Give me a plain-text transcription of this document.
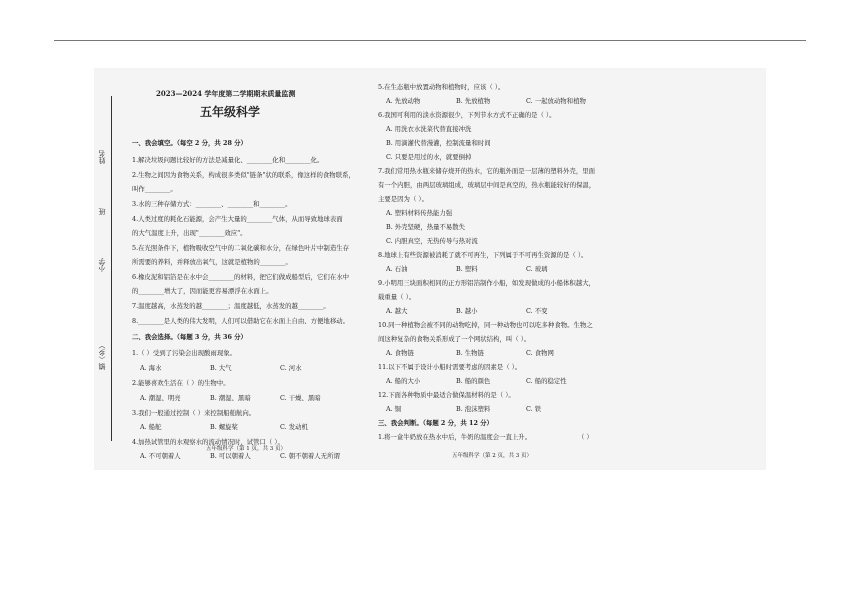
姓名
班
小学
镇（乡）
2023—2024 学年度第二学期期末质量监测
五年级科学
一、我会填空。（每空 2 分，共 28 分）
1.解决垃圾问题比较好的方法是减量化、________化和________化。
2.生物之间因为食物关系，构成很多类似"链条"状的联系，像这样的食物联系，
叫作________。
3.水的三种存储方式：________、________和________。
4.人类过度的耗化石能源，会产生大量的________气体，从而导致地球表面
的大气温度上升，出现"________效应"。
5.在光照条件下，植物吸收空气中的二氧化碳和水分，在绿色叶片中制造生存
所需要的养料，并释放出氧气，这就是植物的________。
6.橡皮泥和铝箔是在水中会________的材料，把它们做成船型后，它们在水中
的________增大了，因而能更容易漂浮在水面上。
7.温度越高，水蒸发的越________；温度越低，水蒸发的越________。
8.________是人类的伟大发明，人们可以借助它在水面上自由、方便地移动。
二、我会选择。（每题 3 分，共 36 分）
1.（ ）受到了污染会出现酸雨现象。
A. 海水	B. 大气	C. 河水
2.能够喜欢生活在（ ）的生物中。
A. 潮湿、明亮	B. 潮湿、黑暗	C. 干燥、黑暗
3.我们一般通过控制（ ）来控制船舶航向。
A. 船舵	B. 螺旋桨	C. 发动机
4.加热试管里的水观察水的流动情况时，试管口（ ）。
A. 不可朝着人	B. 可以朝着人	C. 朝不朝着人无所谓
五年级科学（第 1 页，共 3 页）
5.在生态瓶中放置动物和植物时，应该（ ）。
A. 先放动物	B. 先放植物	C. 一起放动物和植物
6.我国可利用的淡水资源很少，下列节水方式不正确的是（ ）。
A. 用洗衣水洗菜代替直接冲洗
B. 用滴灌代替漫灌，控制流量和时间
C. 只要是用过的水，就要倒掉
7.我们常用热水瓶来储存烧开的热水，它的瓶外面是一层薄的塑料外壳，里面
有一个内胆，由两层玻璃组成，玻璃层中间是真空的，热水瓶能较好的保温，
主要是因为（ ）。
A. 塑料材料传热能力强
B. 外壳坚硬，热量不易散失
C. 内胆真空，无热传导与热对流
8.地球上有些资源被消耗了就不可再生，下列属于不可再生资源的是（ ）。
A. 石油	B. 塑料	C. 玻璃
9.小明用三块面积相同的正方形铝箔制作小船，如发现做成的小船体积越大，
载重量（ ）。
A. 越大	B. 越小	C. 不变
10.同一种植物会被不同的动物吃掉，同一种动物也可以吃多种食物。生物之
间这种复杂的食物关系形成了一个网状结构，叫（ ）。
A. 食物链	B. 生物链	C. 食物网
11.以下不属于设计小船时需要考虑的因素是（ ）。
A. 船的大小	B. 船的颜色	C. 船的稳定性
12.下面各种物质中最适合做保温材料的是（ ）。
A. 铜	B. 泡沫塑料	C. 铁
三、我会判断。（每题 2 分，共 12 分）
1.将一盒牛奶放在热水中后，牛奶的温度会一直上升。	（ ）
五年级科学（第 2 页，共 3 页）
